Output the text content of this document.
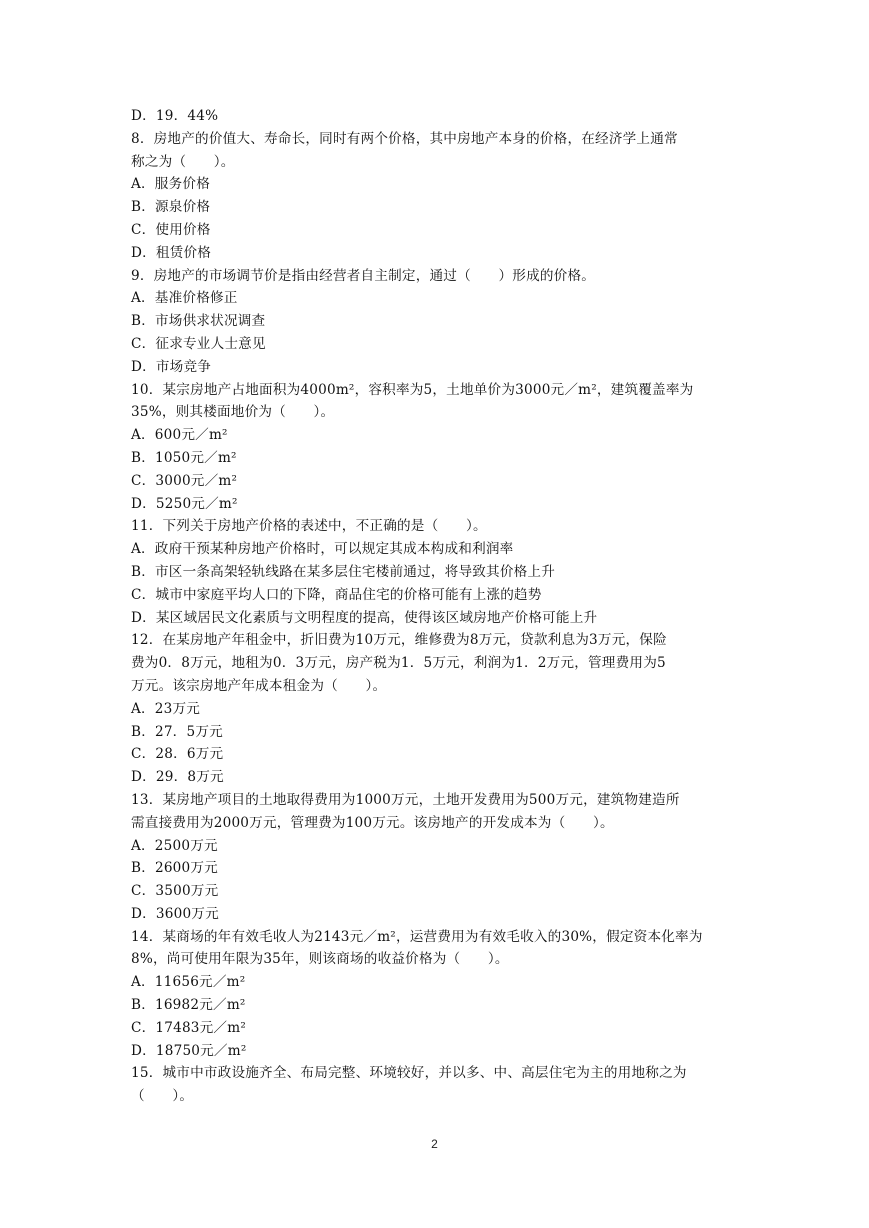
D．19．44%
8．房地产的价值大、寿命长，同时有两个价格，其中房地产本身的价格，在经济学上通常
称之为（　　）。
A．服务价格
B．源泉价格
C．使用价格
D．租赁价格
9．房地产的市场调节价是指由经营者自主制定，通过（　　）形成的价格。
A．基准价格修正
B．市场供求状况调查
C．征求专业人士意见
D．市场竞争
10．某宗房地产占地面积为4000m²，容积率为5，土地单价为3000元／m²，建筑覆盖率为
35%，则其楼面地价为（　　）。
A．600元／m²
B．1050元／m²
C．3000元／m²
D．5250元／m²
11．下列关于房地产价格的表述中，不正确的是（　　）。
A．政府干预某种房地产价格时，可以规定其成本构成和利润率
B．市区一条高架轻轨线路在某多层住宅楼前通过，将导致其价格上升
C．城市中家庭平均人口的下降，商品住宅的价格可能有上涨的趋势
D．某区域居民文化素质与文明程度的提高，使得该区域房地产价格可能上升
12．在某房地产年租金中，折旧费为10万元，维修费为8万元，贷款利息为3万元，保险
费为0．8万元，地租为0．3万元，房产税为1．5万元，利润为1．2万元，管理费用为5
万元。该宗房地产年成本租金为（　　）。
A．23万元
B．27．5万元
C．28．6万元
D．29．8万元
13．某房地产项目的土地取得费用为1000万元，土地开发费用为500万元，建筑物建造所
需直接费用为2000万元，管理费为100万元。该房地产的开发成本为（　　）。
A．2500万元
B．2600万元
C．3500万元
D．3600万元
14．某商场的年有效毛收人为2143元／m²，运营费用为有效毛收入的30%，假定资本化率为
8%，尚可使用年限为35年，则该商场的收益价格为（　　）。
A．11656元／m²
B．16982元／m²
C．17483元／m²
D．18750元／m²
15．城市中市政设施齐全、布局完整、环境较好，并以多、中、高层住宅为主的用地称之为
（　　）。
2
